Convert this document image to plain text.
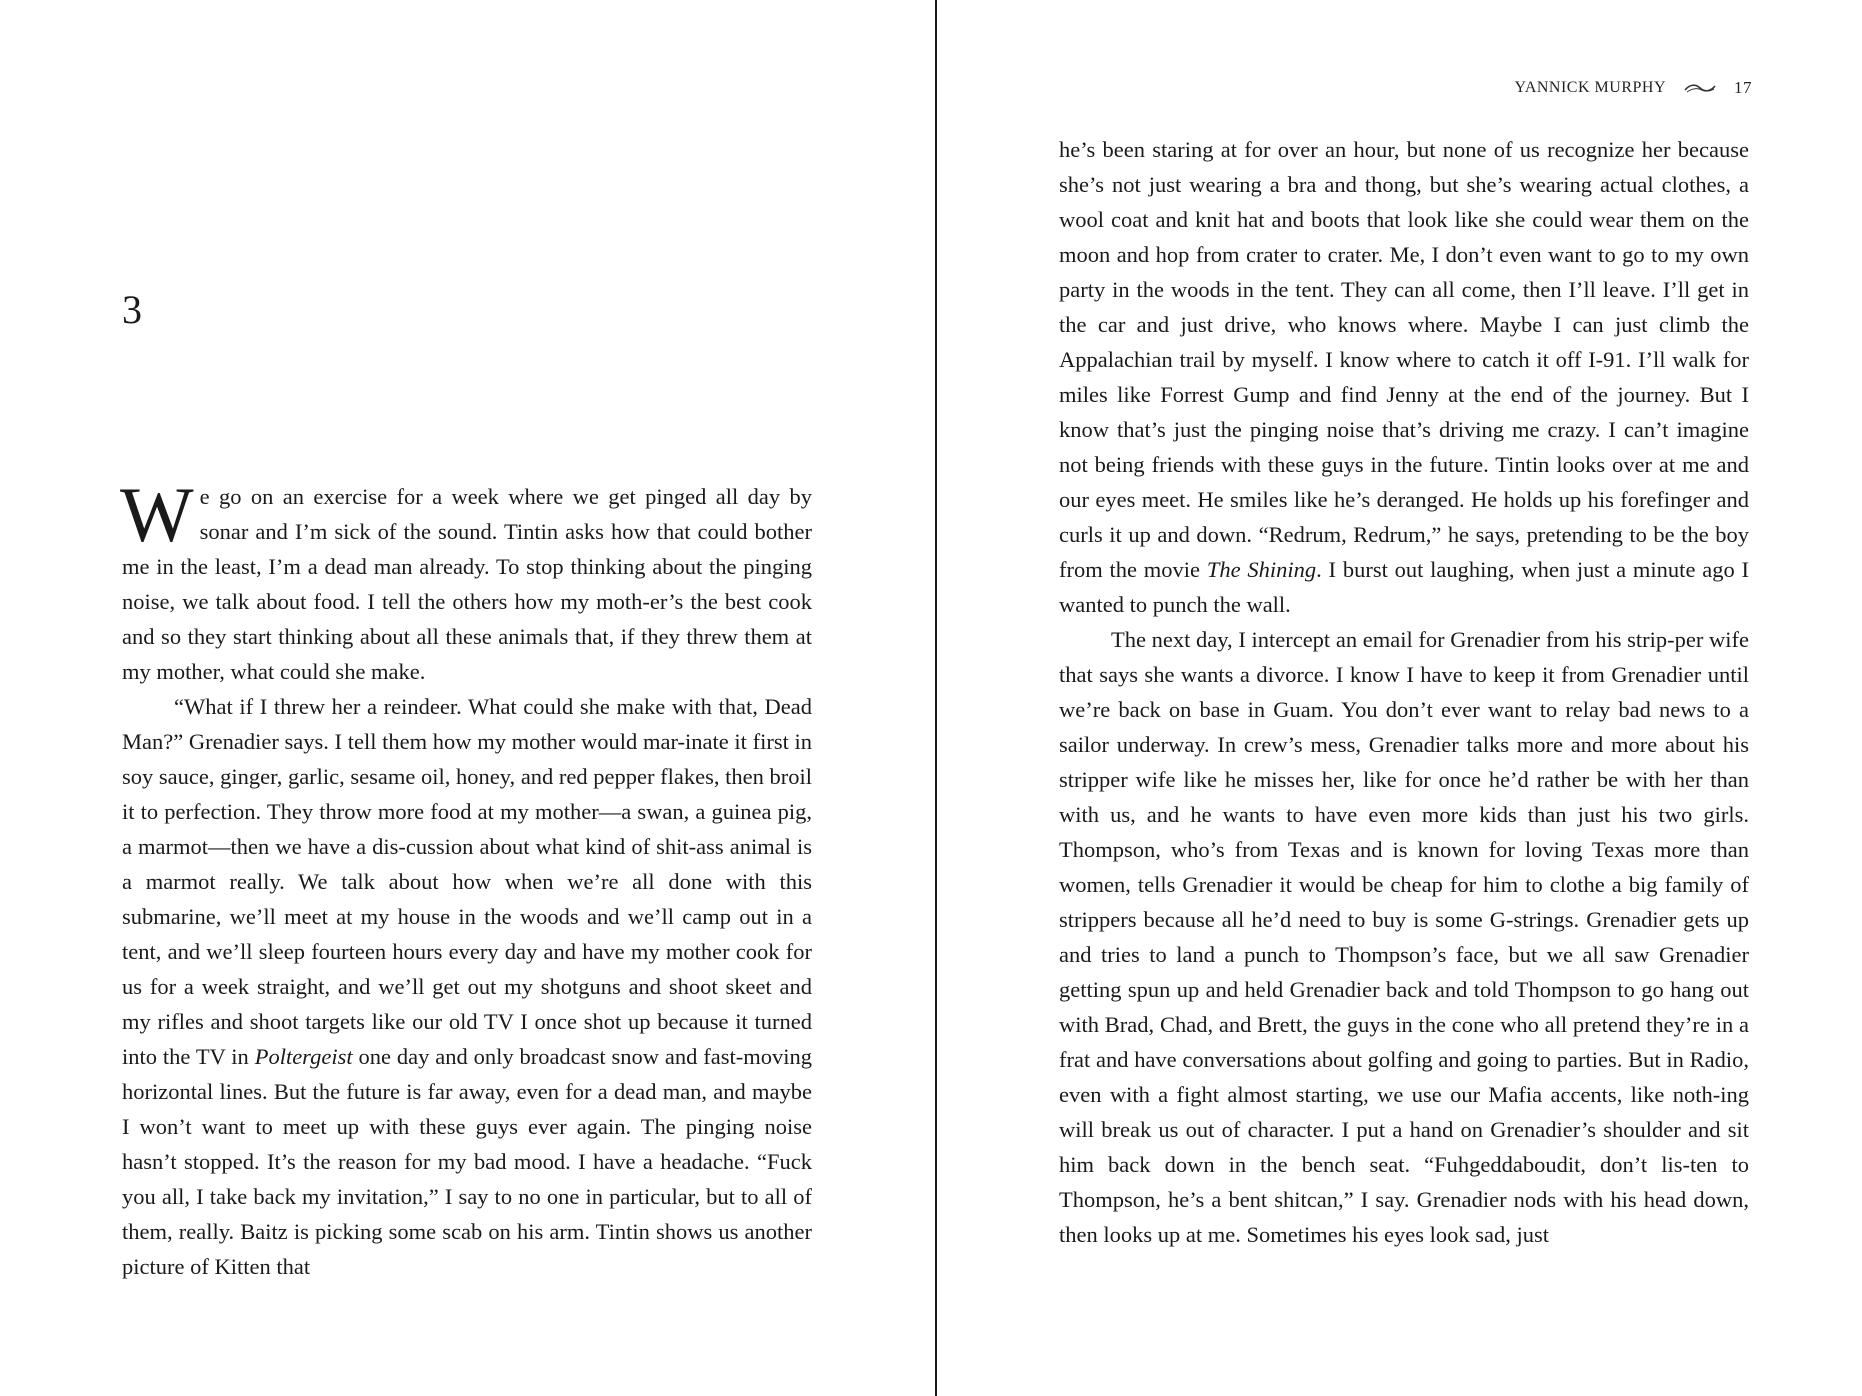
3

We go on an exercise for a week where we get pinged all day by sonar and I’m sick of the sound. Tintin asks how that could bother me in the least, I’m a dead man already. To stop thinking about the pinging noise, we talk about food. I tell the others how my moth-er’s the best cook and so they start thinking about all these animals that, if they threw them at my mother, what could she make.

“What if I threw her a reindeer. What could she make with that, Dead Man?” Grenadier says. I tell them how my mother would mar-inate it first in soy sauce, ginger, garlic, sesame oil, honey, and red pepper flakes, then broil it to perfection. They throw more food at my mother—a swan, a guinea pig, a marmot—then we have a dis-cussion about what kind of shit-ass animal is a marmot really. We talk about how when we’re all done with this submarine, we’ll meet at my house in the woods and we’ll camp out in a tent, and we’ll sleep fourteen hours every day and have my mother cook for us for a week straight, and we’ll get out my shotguns and shoot skeet and my rifles and shoot targets like our old TV I once shot up because it turned into the TV in Poltergeist one day and only broadcast snow and fast-moving horizontal lines. But the future is far away, even for a dead man, and maybe I won’t want to meet up with these guys ever again. The pinging noise hasn’t stopped. It’s the reason for my bad mood. I have a headache. “Fuck you all, I take back my invitation,” I say to no one in particular, but to all of them, really. Baitz is picking some scab on his arm. Tintin shows us another picture of Kitten that

YANNICK MURPHY	17

he’s been staring at for over an hour, but none of us recognize her because she’s not just wearing a bra and thong, but she’s wearing actual clothes, a wool coat and knit hat and boots that look like she could wear them on the moon and hop from crater to crater. Me, I don’t even want to go to my own party in the woods in the tent. They can all come, then I’ll leave. I’ll get in the car and just drive, who knows where. Maybe I can just climb the Appalachian trail by myself. I know where to catch it off I-91. I’ll walk for miles like Forrest Gump and find Jenny at the end of the journey. But I know that’s just the pinging noise that’s driving me crazy. I can’t imagine not being friends with these guys in the future. Tintin looks over at me and our eyes meet. He smiles like he’s deranged. He holds up his forefinger and curls it up and down. “Redrum, Redrum,” he says, pretending to be the boy from the movie The Shining. I burst out laughing, when just a minute ago I wanted to punch the wall.

The next day, I intercept an email for Grenadier from his strip-per wife that says she wants a divorce. I know I have to keep it from Grenadier until we’re back on base in Guam. You don’t ever want to relay bad news to a sailor underway. In crew’s mess, Grenadier talks more and more about his stripper wife like he misses her, like for once he’d rather be with her than with us, and he wants to have even more kids than just his two girls. Thompson, who’s from Texas and is known for loving Texas more than women, tells Grenadier it would be cheap for him to clothe a big family of strippers because all he’d need to buy is some G-strings. Grenadier gets up and tries to land a punch to Thompson’s face, but we all saw Grenadier getting spun up and held Grenadier back and told Thompson to go hang out with Brad, Chad, and Brett, the guys in the cone who all pretend they’re in a frat and have conversations about golfing and going to parties. But in Radio, even with a fight almost starting, we use our Mafia accents, like noth-ing will break us out of character. I put a hand on Grenadier’s shoulder and sit him back down in the bench seat. “Fuhgeddaboudit, don’t lis-ten to Thompson, he’s a bent shitcan,” I say. Grenadier nods with his head down, then looks up at me. Sometimes his eyes look sad, just
